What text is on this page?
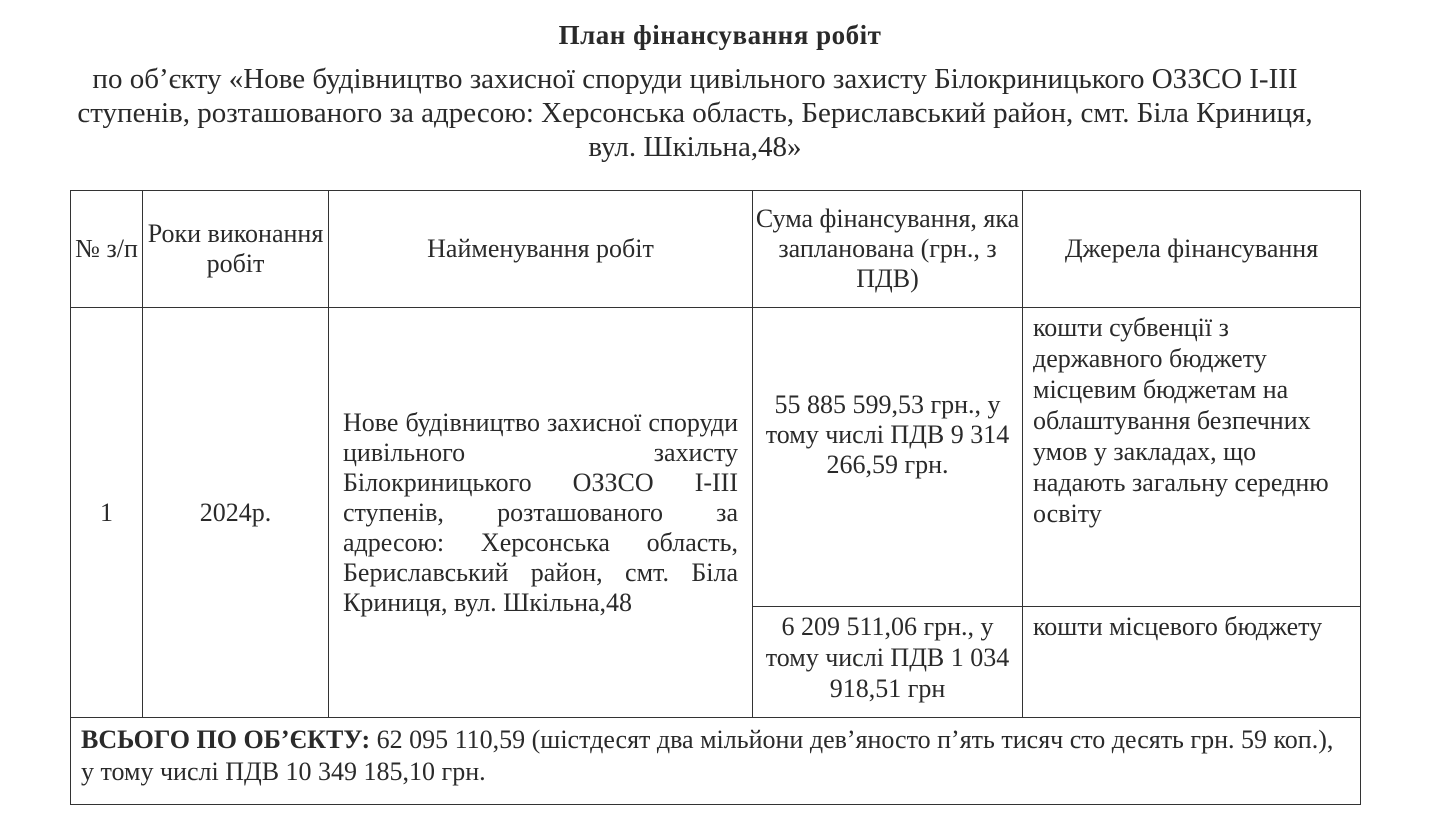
План фінансування робіт
по об’єкту «Нове будівництво захисної споруди цивільного захисту Білокриницького ОЗЗСО І-ІІІ ступенів, розташованого за адресою: Херсонська область, Бериславський район, смт. Біла Криниця, вул. Шкільна,48»
№ з/п	Роки виконання робіт	Найменування робіт	Сума фінансування, яка запланована (грн., з ПДВ)	Джерела фінансування
1	2024р.	Нове будівництво захисної споруди цивільного захисту Білокриницького ОЗЗСО І-ІІІ ступенів, розташованого за адресою: Херсонська область, Бериславський район, смт. Біла Криниця, вул. Шкільна,48	55 885 599,53 грн., у тому числі ПДВ 9 314 266,59 грн.	кошти субвенції з державного бюджету місцевим бюджетам на облаштування безпечних умов у закладах, що надають загальну середню освіту
			6 209 511,06 грн., у тому числі ПДВ 1 034 918,51 грн	кошти місцевого бюджету
ВСЬОГО ПО ОБ’ЄКТУ: 62 095 110,59 (шістдесят два мільйони дев’яносто п’ять тисяч сто десять грн. 59 коп.), у тому числі ПДВ 10 349 185,10 грн.				
